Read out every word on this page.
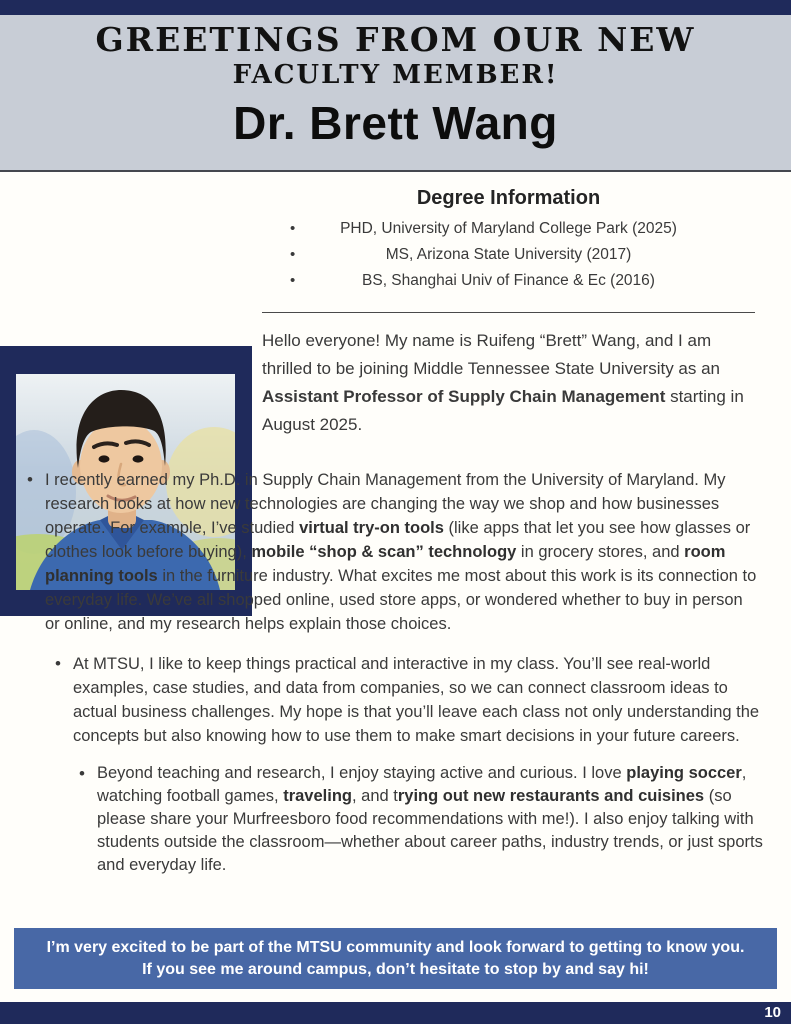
GREETINGS FROM OUR NEW
FACULTY MEMBER!
Dr. Brett Wang
Degree Information
•	PHD, University of Maryland College Park (2025)
•	MS, Arizona State University (2017)
•	BS, Shanghai Univ of Finance & Ec (2016)

Hello everyone! My name is Ruifeng “Brett” Wang, and I am thrilled to be joining Middle Tennessee State University as an Assistant Professor of Supply Chain Management starting in August 2025.

• I recently earned my Ph.D. in Supply Chain Management from the University of Maryland. My research looks at how new technologies are changing the way we shop and how businesses operate. For example, I’ve studied virtual try-on tools (like apps that let you see how glasses or clothes look before buying), mobile “shop & scan” technology in grocery stores, and room planning tools in the furniture industry. What excites me most about this work is its connection to everyday life. We’ve all shopped online, used store apps, or wondered whether to buy in person or online, and my research helps explain those choices.
• At MTSU, I like to keep things practical and interactive in my class. You’ll see real-world examples, case studies, and data from companies, so we can connect classroom ideas to actual business challenges. My hope is that you’ll leave each class not only understanding the concepts but also knowing how to use them to make smart decisions in your future careers.
• Beyond teaching and research, I enjoy staying active and curious. I love playing soccer, watching football games, traveling, and trying out new restaurants and cuisines (so please share your Murfreesboro food recommendations with me!). I also enjoy talking with students outside the classroom—whether about career paths, industry trends, or just sports and everyday life.
I’m very excited to be part of the MTSU community and look forward to getting to know you.
If you see me around campus, don’t hesitate to stop by and say hi!
10
